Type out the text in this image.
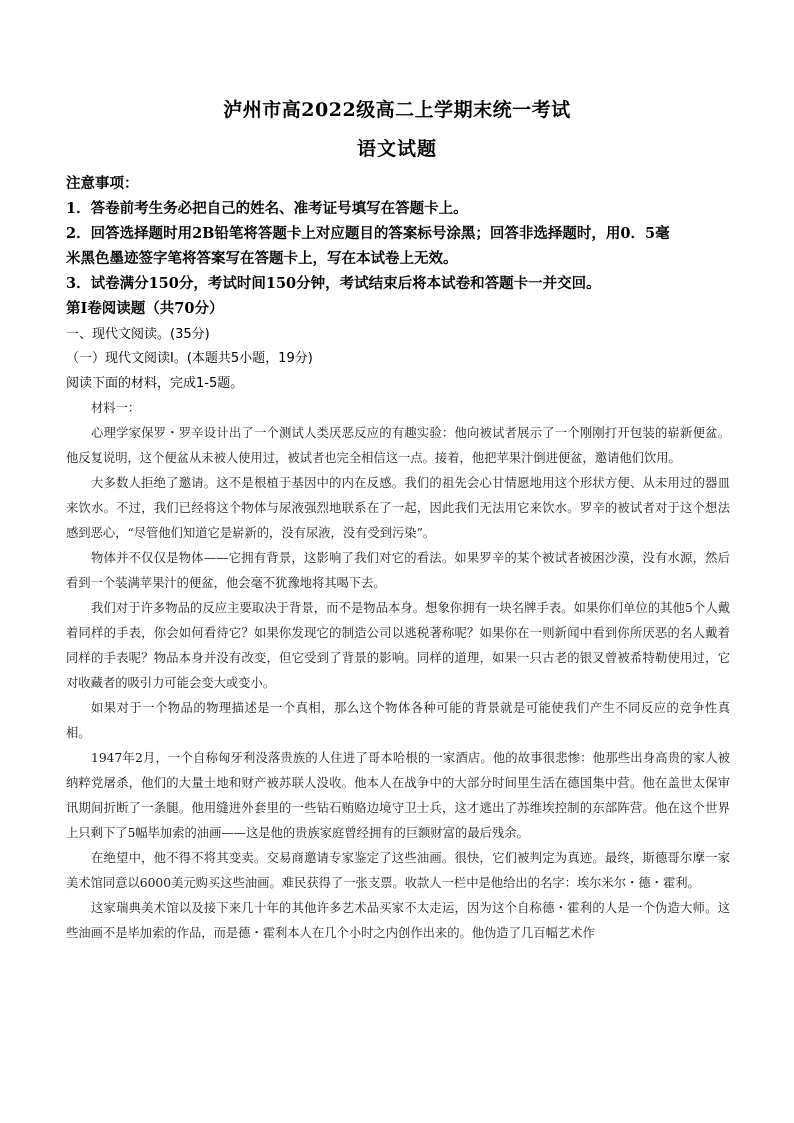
泸州市高2022级高二上学期末统一考试
语文试题
注意事项：
1．答卷前考生务必把自己的姓名、准考证号填写在答题卡上。
2．回答选择题时用2B铅笔将答题卡上对应题目的答案标号涂黑；回答非选择题时，用0．5毫
米黑色墨迹签字笔将答案写在答题卡上，写在本试卷上无效。
3．试卷满分150分，考试时间150分钟，考试结束后将本试卷和答题卡一并交回。
第Ⅰ卷阅读题（共70分）
一、现代文阅读。(35分)
（一）现代文阅读Ⅰ。(本题共5小题，19分)
阅读下面的材料，完成1-5题。
材料一：
心理学家保罗・罗辛设计出了一个测试人类厌恶反应的有趣实验：他向被试者展示了一个刚刚打开包装的崭新便盆。他反复说明，这个便盆从未被人使用过，被试者也完全相信这一点。接着，他把苹果汁倒进便盆，邀请他们饮用。
大多数人拒绝了邀请。这不是根植于基因中的内在反感。我们的祖先会心甘情愿地用这个形状方便、从未用过的器皿来饮水。不过，我们已经将这个物体与尿液强烈地联系在了一起，因此我们无法用它来饮水。罗辛的被试者对于这个想法感到恶心，“尽管他们知道它是崭新的，没有尿液，没有受到污染”。
物体并不仅仅是物体——它拥有背景，这影响了我们对它的看法。如果罗辛的某个被试者被困沙漠，没有水源，然后看到一个装满苹果汁的便盆，他会毫不犹豫地将其喝下去。
我们对于许多物品的反应主要取决于背景，而不是物品本身。想象你拥有一块名牌手表。如果你们单位的其他5个人戴着同样的手表，你会如何看待它？如果你发现它的制造公司以逃税著称呢？如果你在一则新闻中看到你所厌恶的名人戴着同样的手表呢？物品本身并没有改变，但它受到了背景的影响。同样的道理，如果一只古老的银叉曾被希特勒使用过，它对收藏者的吸引力可能会变大或变小。
如果对于一个物品的物理描述是一个真相，那么这个物体各种可能的背景就是可能使我们产生不同反应的竞争性真相。
1947年2月，一个自称匈牙利没落贵族的人住进了哥本哈根的一家酒店。他的故事很悲惨：他那些出身高贵的家人被纳粹党屠杀，他们的大量土地和财产被苏联人没收。他本人在战争中的大部分时间里生活在德国集中营。他在盖世太保审讯期间折断了一条腿。他用缝进外套里的一些钻石贿赂边境守卫士兵，这才逃出了苏维埃控制的东部阵营。他在这个世界上只剩下了5幅毕加索的油画——这是他的贵族家庭曾经拥有的巨额财富的最后残余。
在绝望中，他不得不将其变卖。交易商邀请专家鉴定了这些油画。很快，它们被判定为真迹。最终，斯德哥尔摩一家美术馆同意以6000美元购买这些油画。难民获得了一张支票。收款人一栏中是他给出的名字：埃尔米尔・德・霍利。
这家瑞典美术馆以及接下来几十年的其他许多艺术品买家不太走运，因为这个自称德・霍利的人是一个伪造大师。这些油画不是毕加索的作品，而是德・霍利本人在几个小时之内创作出来的。他伪造了几百幅艺术作
